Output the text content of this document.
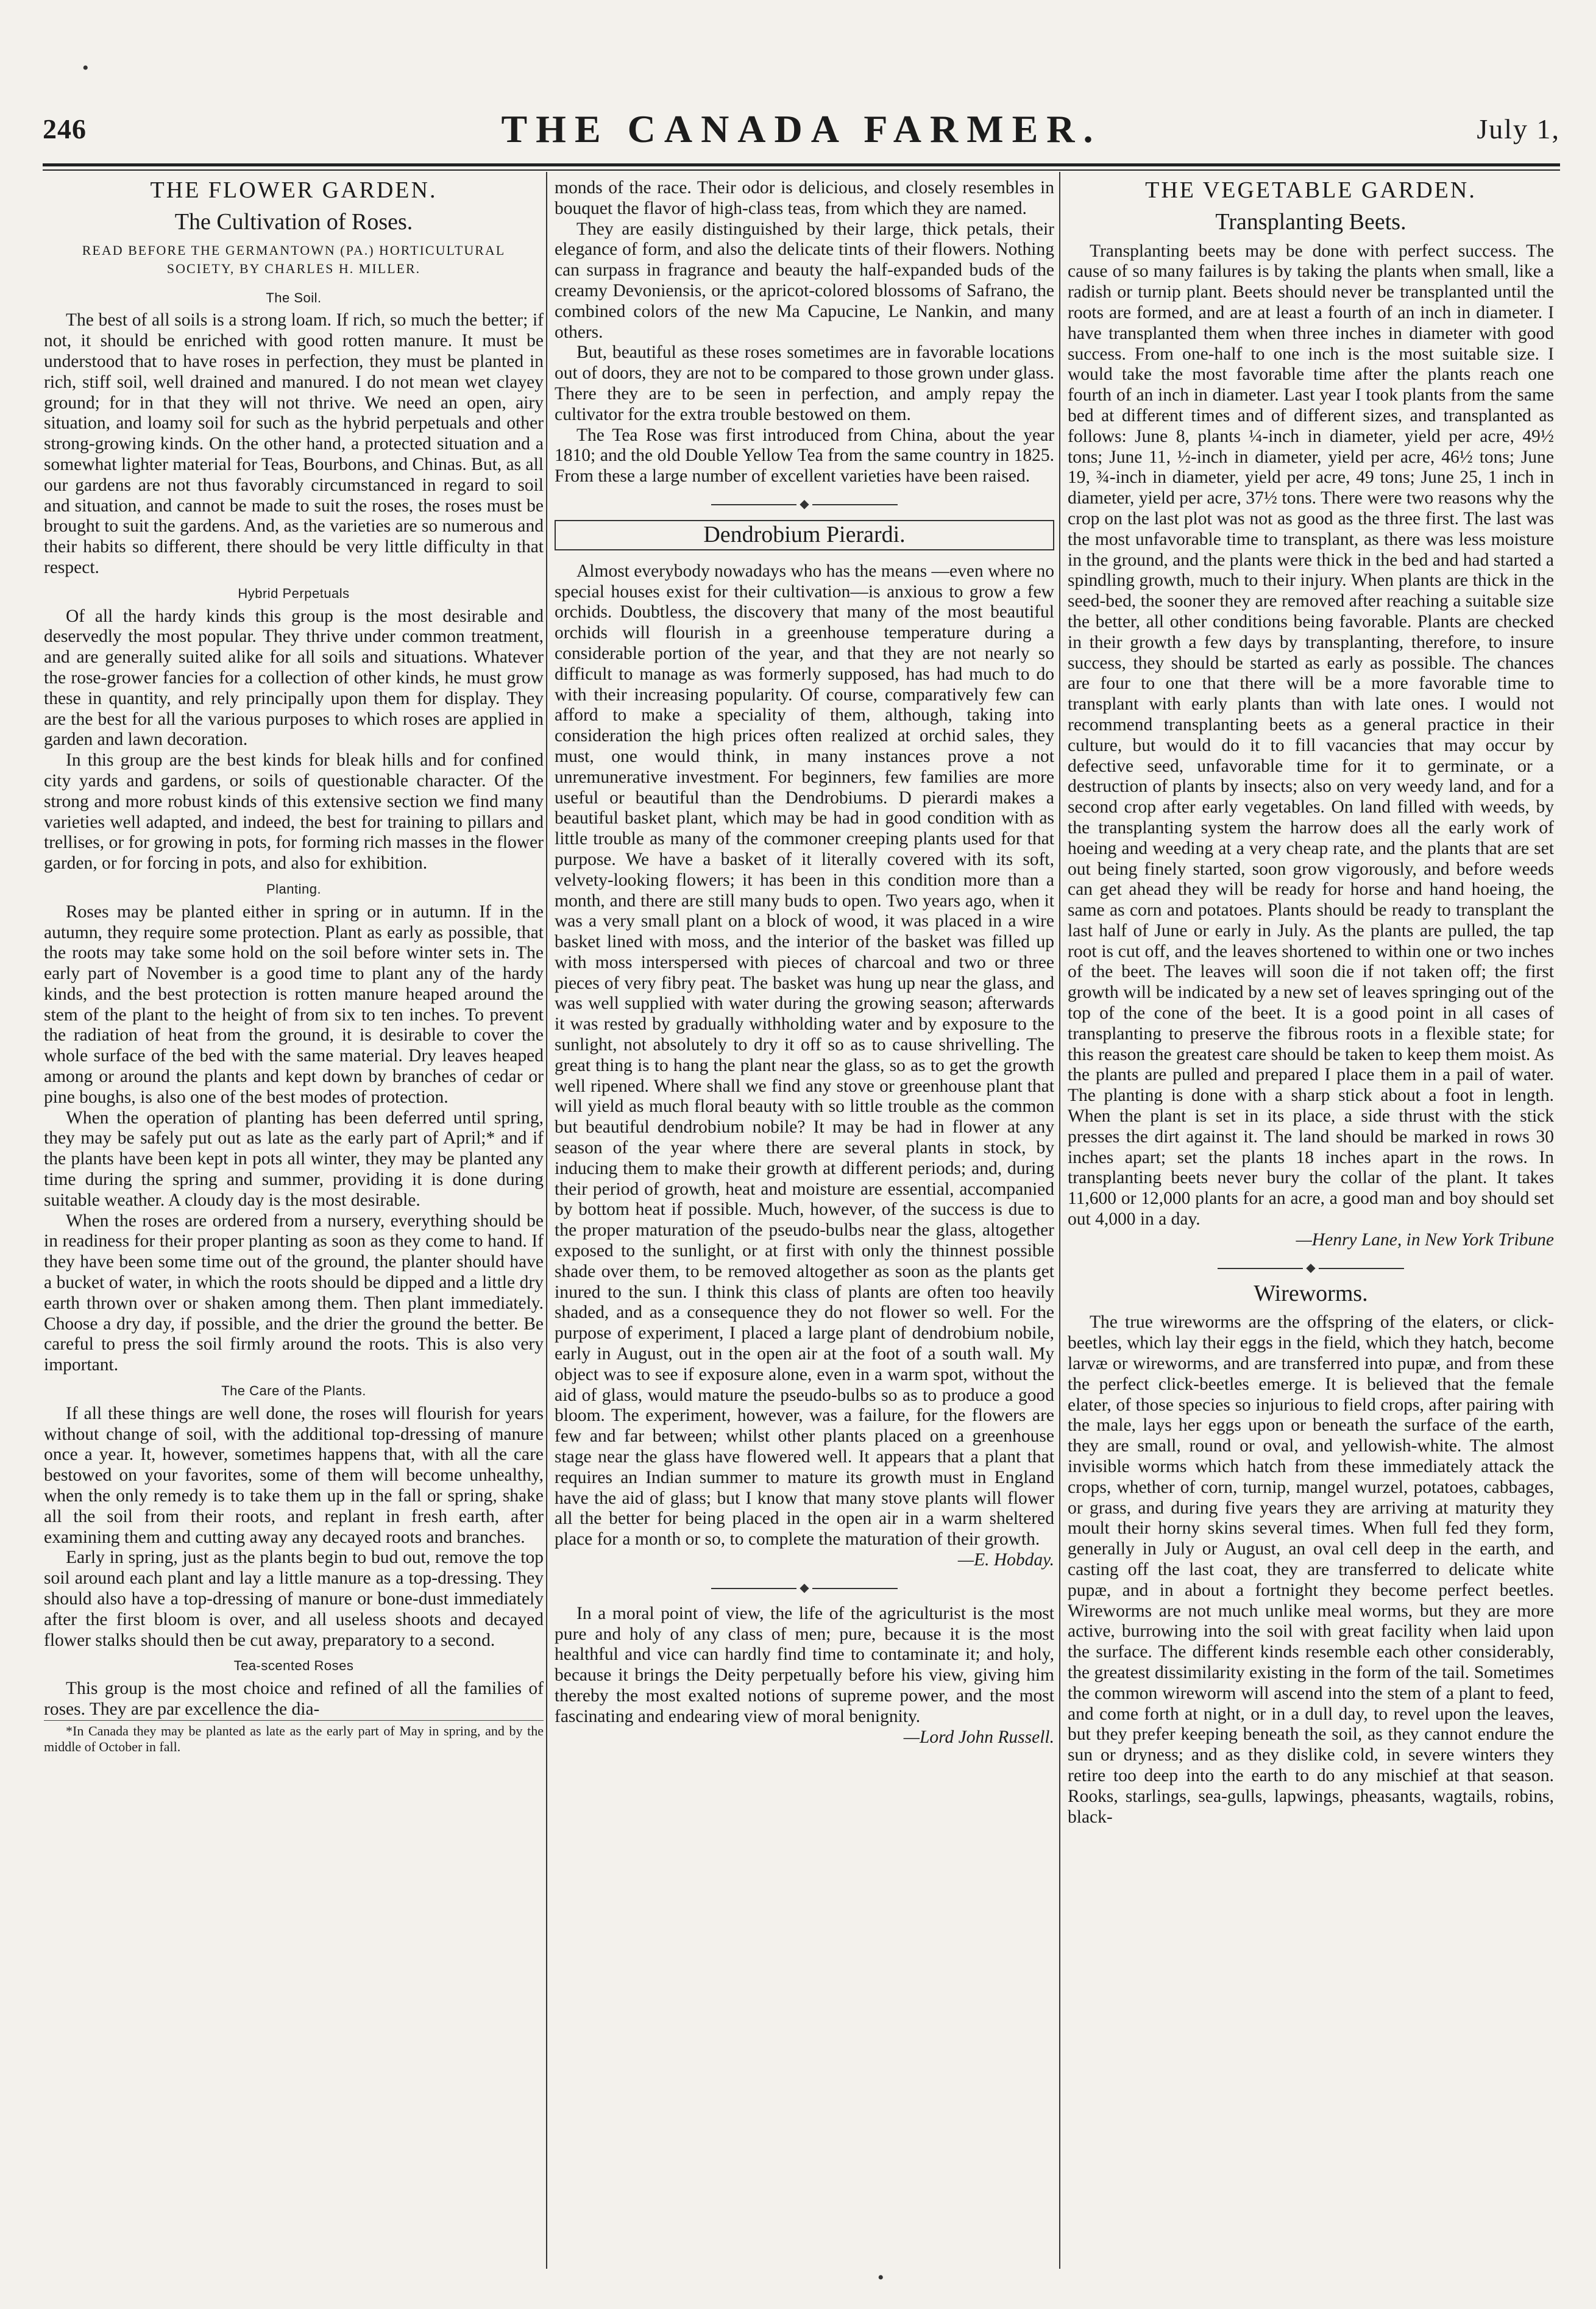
246	THE CANADA FARMER.	July 1,
THE FLOWER GARDEN.
The Cultivation of Roses.
READ BEFORE THE GERMANTOWN (PA.) HORTICULTURAL
SOCIETY, BY CHARLES H. MILLER.
The Soil.

The best of all soils is a strong loam. If rich, so much the better; if not, it should be enriched with good rotten manure. It must be understood that to have roses in perfection, they must be planted in rich, stiff soil, well drained and manured. I do not mean wet clayey ground; for in that they will not thrive. We need an open, airy situation, and loamy soil for such as the hybrid perpetuals and other strong-growing kinds. On the other hand, a protected situation and a somewhat lighter material for Teas, Bourbons, and Chinas. But, as all our gardens are not thus favorably circumstanced in regard to soil and situation, and cannot be made to suit the roses, the roses must be brought to suit the gardens. And, as the varieties are so numerous and their habits so different, there should be very little difficulty in that respect.

Hybrid Perpetuals

Of all the hardy kinds this group is the most desirable and deservedly the most popular. They thrive under common treatment, and are generally suited alike for all soils and situations. Whatever the rose-grower fancies for a collection of other kinds, he must grow these in quantity, and rely principally upon them for display. They are the best for all the various purposes to which roses are applied in garden and lawn decoration.

In this group are the best kinds for bleak hills and for confined city yards and gardens, or soils of questionable character. Of the strong and more robust kinds of this extensive section we find many varieties well adapted, and indeed, the best for training to pillars and trellises, or for growing in pots, for forming rich masses in the flower garden, or for forcing in pots, and also for exhibition.

Planting.

Roses may be planted either in spring or in autumn. If in the autumn, they require some protection. Plant as early as possible, that the roots may take some hold on the soil before winter sets in. The early part of November is a good time to plant any of the hardy kinds, and the best protection is rotten manure heaped around the stem of the plant to the height of from six to ten inches. To prevent the radiation of heat from the ground, it is desirable to cover the whole surface of the bed with the same material. Dry leaves heaped among or around the plants and kept down by branches of cedar or pine boughs, is also one of the best modes of protection.

When the operation of planting has been deferred until spring, they may be safely put out as late as the early part of April;* and if the plants have been kept in pots all winter, they may be planted any time during the spring and summer, providing it is done during suitable weather. A cloudy day is the most desirable.

When the roses are ordered from a nursery, everything should be in readiness for their proper planting as soon as they come to hand. If they have been some time out of the ground, the planter should have a bucket of water, in which the roots should be dipped and a little dry earth thrown over or shaken among them. Then plant immediately. Choose a dry day, if possible, and the drier the ground the better. Be careful to press the soil firmly around the roots. This is also very important.

The Care of the Plants.

If all these things are well done, the roses will flourish for years without change of soil, with the additional top-dressing of manure once a year. It, however, sometimes happens that, with all the care bestowed on your favorites, some of them will become unhealthy, when the only remedy is to take them up in the fall or spring, shake all the soil from their roots, and replant in fresh earth, after examining them and cutting away any decayed roots and branches.

Early in spring, just as the plants begin to bud out, remove the top soil around each plant and lay a little manure as a top-dressing. They should also have a top-dressing of manure or bone-dust immediately after the first bloom is over, and all useless shoots and decayed flower stalks should then be cut away, preparatory to a second.

Tea-scented Roses

This group is the most choice and refined of all the families of roses. They are par excellence the dia-

*In Canada they may be planted as late as the early part of May in spring, and by the middle of October in fall.

monds of the race. Their odor is delicious, and closely resembles in bouquet the flavor of high-class teas, from which they are named.

They are easily distinguished by their large, thick petals, their elegance of form, and also the delicate tints of their flowers. Nothing can surpass in fragrance and beauty the half-expanded buds of the creamy Devoniensis, or the apricot-colored blossoms of Safrano, the combined colors of the new Ma Capucine, Le Nankin, and many others.

But, beautiful as these roses sometimes are in favorable locations out of doors, they are not to be compared to those grown under glass. There they are to be seen in perfection, and amply repay the cultivator for the extra trouble bestowed on them.

The Tea Rose was first introduced from China, about the year 1810; and the old Double Yellow Tea from the same country in 1825. From these a large number of excellent varieties have been raised.

◆
Dendrobium Pierardi.

Almost everybody nowadays who has the means —even where no special houses exist for their cultivation—is anxious to grow a few orchids. Doubtless, the discovery that many of the most beautiful orchids will flourish in a greenhouse temperature during a considerable portion of the year, and that they are not nearly so difficult to manage as was formerly supposed, has had much to do with their increasing popularity. Of course, comparatively few can afford to make a speciality of them, although, taking into consideration the high prices often realized at orchid sales, they must, one would think, in many instances prove a not unremunerative investment. For beginners, few families are more useful or beautiful than the Dendrobiums. D pierardi makes a beautiful basket plant, which may be had in good condition with as little trouble as many of the commoner creeping plants used for that purpose. We have a basket of it literally covered with its soft, velvety-looking flowers; it has been in this condition more than a month, and there are still many buds to open. Two years ago, when it was a very small plant on a block of wood, it was placed in a wire basket lined with moss, and the interior of the basket was filled up with moss interspersed with pieces of charcoal and two or three pieces of very fibry peat. The basket was hung up near the glass, and was well supplied with water during the growing season; afterwards it was rested by gradually withholding water and by exposure to the sunlight, not absolutely to dry it off so as to cause shrivelling. The great thing is to hang the plant near the glass, so as to get the growth well ripened. Where shall we find any stove or greenhouse plant that will yield as much floral beauty with so little trouble as the common but beautiful dendrobium nobile? It may be had in flower at any season of the year where there are several plants in stock, by inducing them to make their growth at different periods; and, during their period of growth, heat and moisture are essential, accompanied by bottom heat if possible. Much, however, of the success is due to the proper maturation of the pseudo-bulbs near the glass, altogether exposed to the sunlight, or at first with only the thinnest possible shade over them, to be removed altogether as soon as the plants get inured to the sun. I think this class of plants are often too heavily shaded, and as a consequence they do not flower so well. For the purpose of experiment, I placed a large plant of dendrobium nobile, early in August, out in the open air at the foot of a south wall. My object was to see if exposure alone, even in a warm spot, without the aid of glass, would mature the pseudo-bulbs so as to produce a good bloom. The experiment, however, was a failure, for the flowers are few and far between; whilst other plants placed on a greenhouse stage near the glass have flowered well. It appears that a plant that requires an Indian summer to mature its growth must in England have the aid of glass; but I know that many stove plants will flower all the better for being placed in the open air in a warm sheltered place for a month or so, to complete the maturation of their growth.

—E. Hobday.

◆

In a moral point of view, the life of the agriculturist is the most pure and holy of any class of men; pure, because it is the most healthful and vice can hardly find time to contaminate it; and holy, because it brings the Deity perpetually before his view, giving him thereby the most exalted notions of supreme power, and the most fascinating and endearing view of moral benignity.

—Lord John Russell.

THE VEGETABLE GARDEN.
Transplanting Beets.

Transplanting beets may be done with perfect success. The cause of so many failures is by taking the plants when small, like a radish or turnip plant. Beets should never be transplanted until the roots are formed, and are at least a fourth of an inch in diameter. I have transplanted them when three inches in diameter with good success. From one-half to one inch is the most suitable size. I would take the most favorable time after the plants reach one fourth of an inch in diameter. Last year I took plants from the same bed at different times and of different sizes, and transplanted as follows: June 8, plants ¼-inch in diameter, yield per acre, 49½ tons; June 11, ½-inch in diameter, yield per acre, 46½ tons; June 19, ¾-inch in diameter, yield per acre, 49 tons; June 25, 1 inch in diameter, yield per acre, 37½ tons. There were two reasons why the crop on the last plot was not as good as the three first. The last was the most unfavorable time to transplant, as there was less moisture in the ground, and the plants were thick in the bed and had started a spindling growth, much to their injury. When plants are thick in the seed-bed, the sooner they are removed after reaching a suitable size the better, all other conditions being favorable. Plants are checked in their growth a few days by transplanting, therefore, to insure success, they should be started as early as possible. The chances are four to one that there will be a more favorable time to transplant with early plants than with late ones. I would not recommend transplanting beets as a general practice in their culture, but would do it to fill vacancies that may occur by defective seed, unfavorable time for it to germinate, or a destruction of plants by insects; also on very weedy land, and for a second crop after early vegetables. On land filled with weeds, by the transplanting system the harrow does all the early work of hoeing and weeding at a very cheap rate, and the plants that are set out being finely started, soon grow vigorously, and before weeds can get ahead they will be ready for horse and hand hoeing, the same as corn and potatoes. Plants should be ready to transplant the last half of June or early in July. As the plants are pulled, the tap root is cut off, and the leaves shortened to within one or two inches of the beet. The leaves will soon die if not taken off; the first growth will be indicated by a new set of leaves springing out of the top of the cone of the beet. It is a good point in all cases of transplanting to preserve the fibrous roots in a flexible state; for this reason the greatest care should be taken to keep them moist. As the plants are pulled and prepared I place them in a pail of water. The planting is done with a sharp stick about a foot in length. When the plant is set in its place, a side thrust with the stick presses the dirt against it. The land should be marked in rows 30 inches apart; set the plants 18 inches apart in the rows. In transplanting beets never bury the collar of the plant. It takes 11,600 or 12,000 plants for an acre, a good man and boy should set out 4,000 in a day.

—Henry Lane, in New York Tribune

◆
Wireworms.

The true wireworms are the offspring of the elaters, or click-beetles, which lay their eggs in the field, which they hatch, become larvæ or wireworms, and are transferred into pupæ, and from these the perfect click-beetles emerge. It is believed that the female elater, of those species so injurious to field crops, after pairing with the male, lays her eggs upon or beneath the surface of the earth, they are small, round or oval, and yellowish-white. The almost invisible worms which hatch from these immediately attack the crops, whether of corn, turnip, mangel wurzel, potatoes, cabbages, or grass, and during five years they are arriving at maturity they moult their horny skins several times. When full fed they form, generally in July or August, an oval cell deep in the earth, and casting off the last coat, they are transferred to delicate white pupæ, and in about a fortnight they become perfect beetles. Wireworms are not much unlike meal worms, but they are more active, burrowing into the soil with great facility when laid upon the surface. The different kinds resemble each other considerably, the greatest dissimilarity existing in the form of the tail. Sometimes the common wireworm will ascend into the stem of a plant to feed, and come forth at night, or in a dull day, to revel upon the leaves, but they prefer keeping beneath the soil, as they cannot endure the sun or dryness; and as they dislike cold, in severe winters they retire too deep into the earth to do any mischief at that season. Rooks, starlings, sea-gulls, lapwings, pheasants, wagtails, robins, black-

•
•
